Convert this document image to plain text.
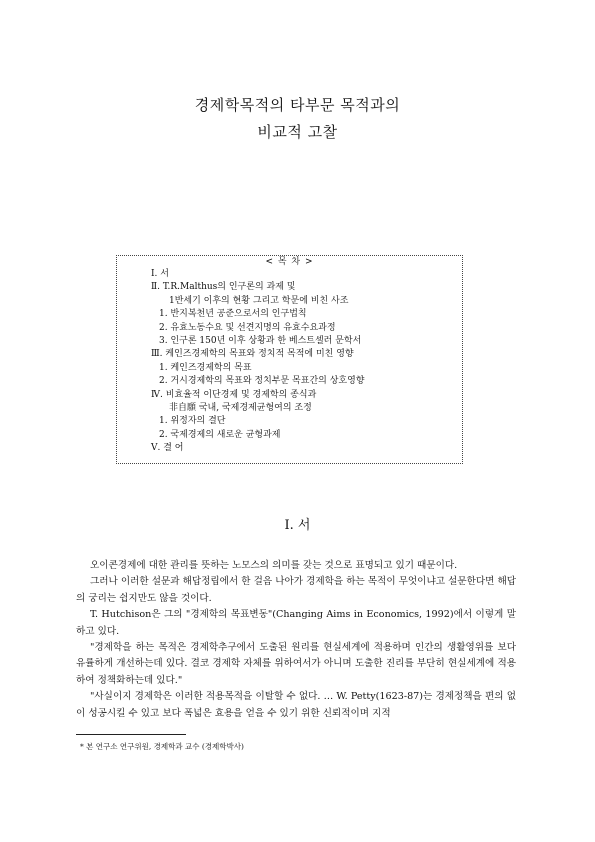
경제학목적의 타부문 목적과의
비교적 고찰
< 목 차 >
Ⅰ. 서
Ⅱ. T.R.Malthus의 인구론의 과제 및
1반세기 이후의 현황 그리고 학문에 비친 사조
1. 반지복천년 공준으로서의 인구법칙
2. 유효노동수요 및 선견지명의 유효수요과정
3. 인구론 150년 이후 상황과 한 베스트셀러 문학서
Ⅲ. 케인즈경제학의 목표와 정치적 목적에 미친 영향
1. 케인즈경제학의 목표
2. 거시경제학의 목표와 정치부문 목표간의 상호영향
Ⅳ. 비효율적 이단경제 및 경제학의 종식과
非自願 국내, 국제경제균형여의 조정
1. 위정자의 결단
2. 국제경제의 새로운 균형과제
Ⅴ. 결 어
Ⅰ. 서

오이콘경제에 대한 관리를 뜻하는 노모스의 의미를 갖는 것으로 표명되고 있기 때문이다.

그러나 이러한 설문과 해답정립에서 한 걸음 나아가 경제학을 하는 목적이 무엇이냐고 설문한다면 해답의 궁리는 쉽지만도 않을 것이다.

T. Hutchison은 그의 "경제학의 목표변동"(Changing Aims in Economics, 1992)에서 이렇게 말하고 있다.

"경제학을 하는 목적은 경제학추구에서 도출된 원리를 현실세계에 적용하며 인간의 생활영위를 보다 유률하게 개선하는데 있다. 결코 경제학 자체를 위하여서가 아니며 도출한 진리를 부단히 현실세계에 적용하여 정책화하는데 있다."

"사실이지 경제학은 이러한 적용목적을 이탈할 수 없다. … W. Petty(1623-87)는 경제정책을 편의 없이 성공시킬 수 있고 보다 폭넓은 효용을 얻을 수 있기 위한 신뢰적이며 지적

* 본 연구소 연구위원, 경제학과 교수 (경제학박사)
